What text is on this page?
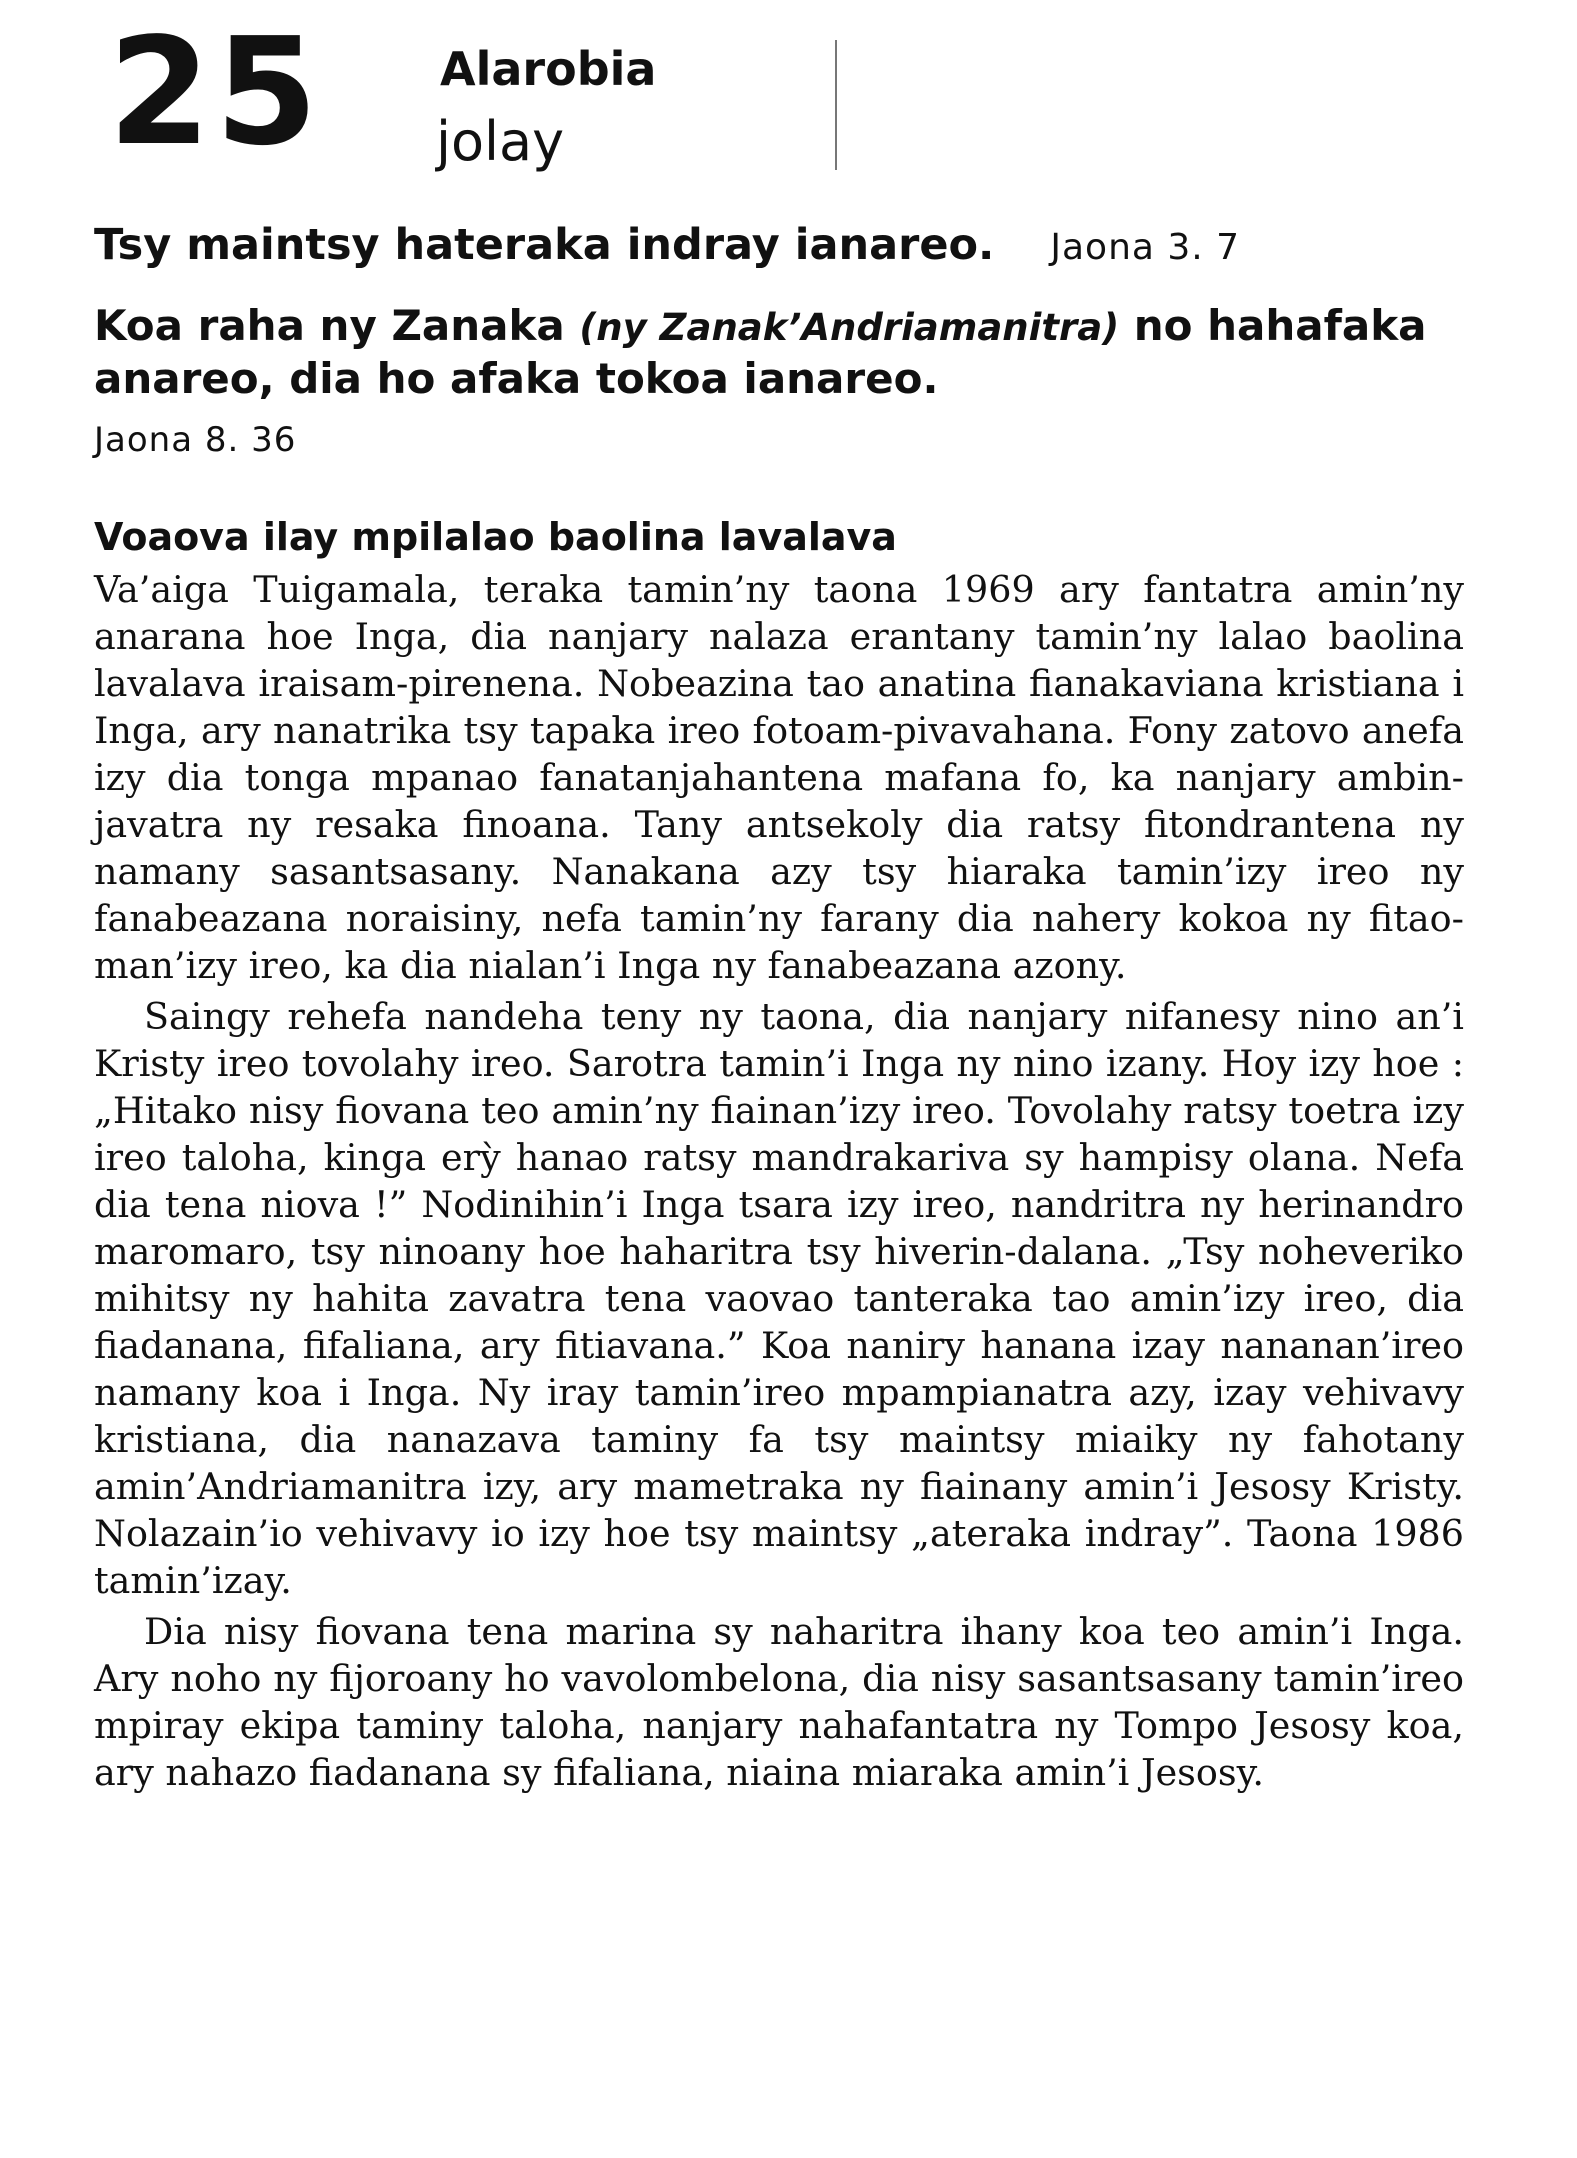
25	Alarobia
jolay
Tsy maintsy hateraka indray ianareo. Jaona 3. 7
Koa raha ny Zanaka (ny Zanak’Andriamanitra) no hahafaka anareo, dia ho afaka tokoa ianareo.
Jaona 8. 36
Voaova ilay mpilalao baolina lavalava

Va’aiga Tuigamala, teraka tamin’ny taona 1969 ary fantatra amin’ny anarana hoe Inga, dia nanjary nalaza erantany tamin’ny lalao baolina lavalava iraisam-pirenena. Nobeazina tao anatina fianakaviana kristiana i Inga, ary nanatrika tsy tapaka ireo fotoam-pivavahana. Fony zatovo anefa izy dia tonga mpanao fanatanjahantena mafana fo, ka nanjary ambin-javatra ny resaka finoana. Tany antsekoly dia ratsy fitondrantena ny namany sasantsasany. Nanakana azy tsy hiaraka tamin’izy ireo ny fanabeazana noraisiny, nefa tamin’ny farany dia nahery kokoa ny fitaoman’izy ireo, ka dia nialan’i Inga ny fanabeazana azony.

Saingy rehefa nandeha teny ny taona, dia nanjary nifanesy nino an’i Kristy ireo tovolahy ireo. Sarotra tamin’i Inga ny nino izany. Hoy izy hoe : „Hitako nisy fiovana teo amin’ny fiainan’izy ireo. Tovolahy ratsy toetra izy ireo taloha, kinga erỳ hanao ratsy mandrakariva sy hampisy olana. Nefa dia tena niova !” Nodinihin’i Inga tsara izy ireo, nandritra ny herinandro maromaro, tsy ninoany hoe haharitra tsy hiverin-dalana. „Tsy noheveriko mihitsy ny hahita zavatra tena vaovao tanteraka tao amin’izy ireo, dia fiadanana, fifaliana, ary fitiavana.” Koa naniry hanana izay nananan’ireo namany koa i Inga. Ny iray tamin’ireo mpampianatra azy, izay vehivavy kristiana, dia nanazava taminy fa tsy maintsy miaiky ny fahotany amin’Andriamanitra izy, ary mametraka ny fiainany amin’i Jesosy Kristy. Nolazain’io vehivavy io izy hoe tsy maintsy „ateraka indray”. Taona 1986 tamin’izay.

Dia nisy fiovana tena marina sy naharitra ihany koa teo amin’i Inga. Ary noho ny fijoroany ho vavolombelona, dia nisy sasantsasany tamin’ireo mpiray ekipa taminy taloha, nanjary nahafantatra ny Tompo Jesosy koa, ary nahazo fiadanana sy fifaliana, niaina miaraka amin’i Jesosy.
